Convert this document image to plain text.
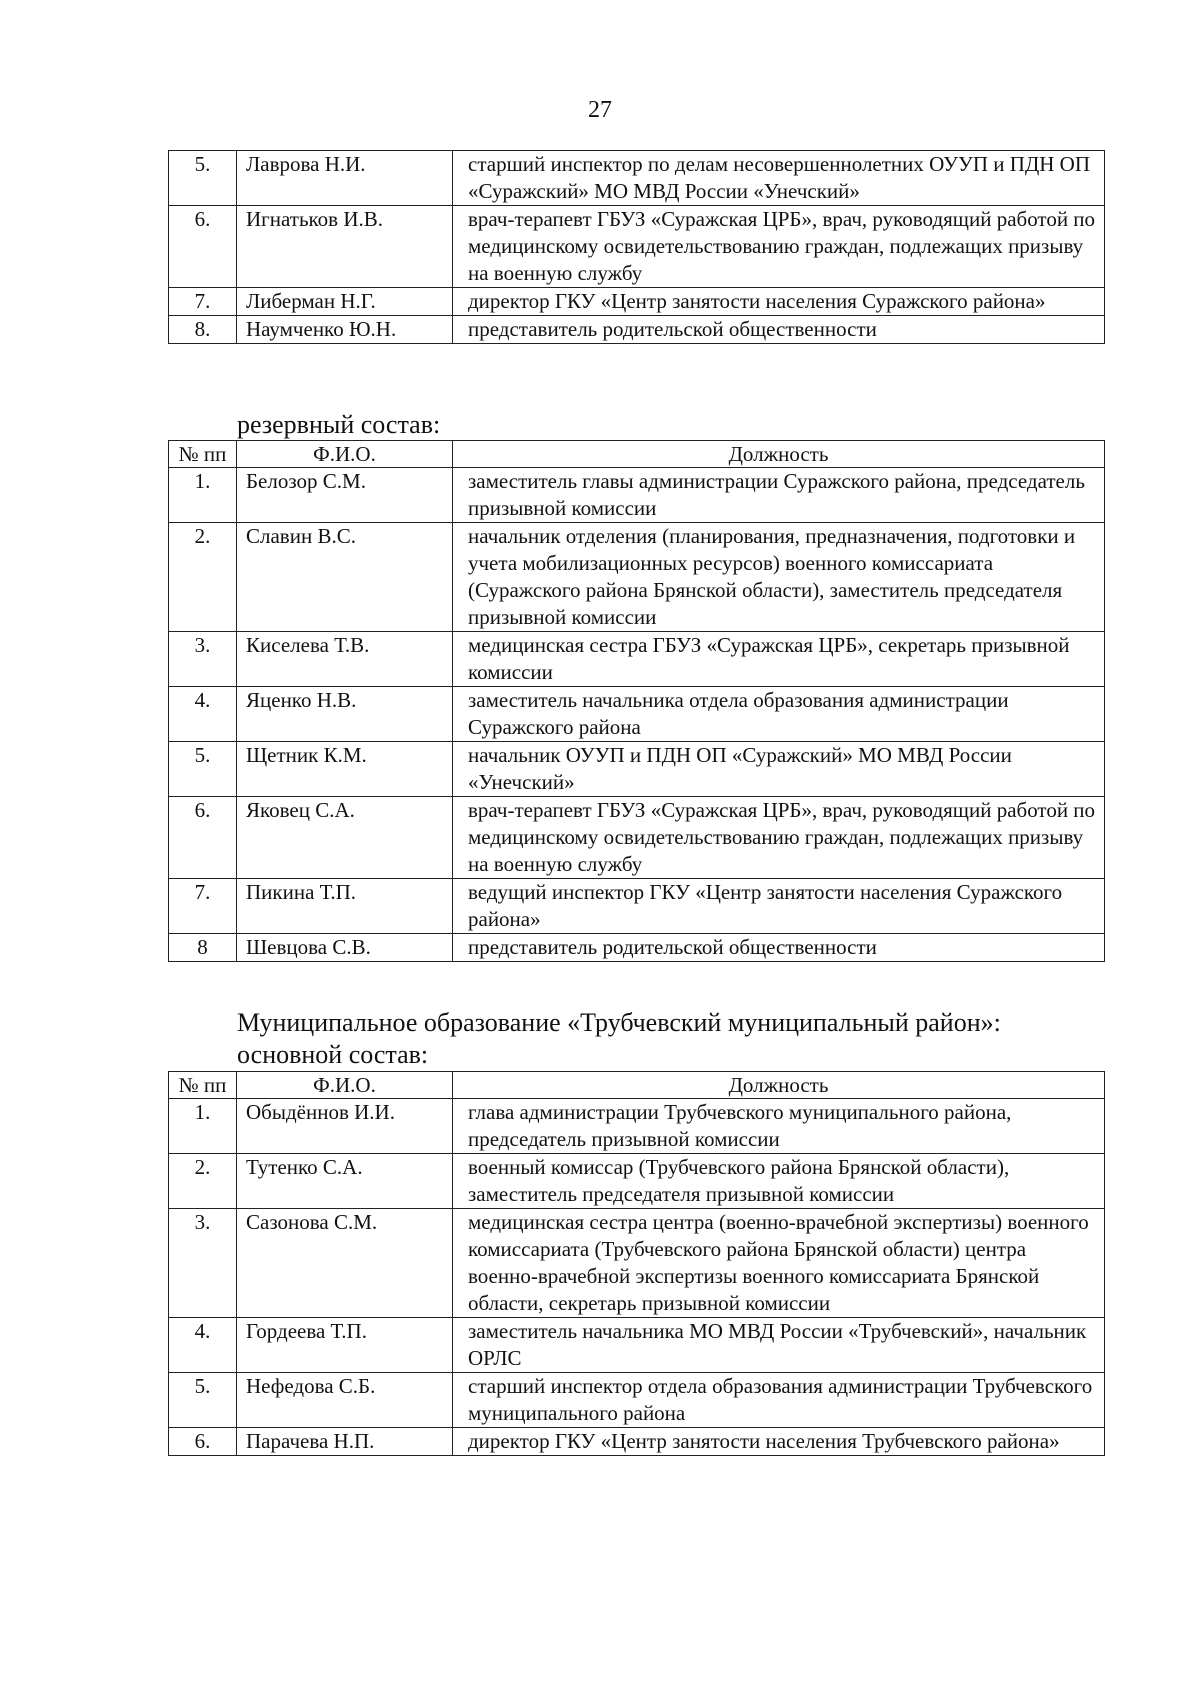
27
5.	Лаврова Н.И.	старший инспектор по делам несовершеннолетних ОУУП и ПДН ОП «Суражский» МО МВД России «Унечский»
6.	Игнатьков И.В.	врач-терапевт ГБУЗ «Суражская ЦРБ», врач, руководящий работой по медицинскому освидетельствованию граждан, подлежащих призыву на военную службу
7.	Либерман Н.Г.	директор ГКУ «Центр занятости населения Суражского района»
8.	Наумченко Ю.Н.	представитель родительской общественности
резервный состав:
№ пп	Ф.И.О.	Должность
1.	Белозор С.М.	заместитель главы администрации Суражского района, председатель призывной комиссии
2.	Славин В.С.	начальник отделения (планирования, предназначения, подготовки и учета мобилизационных ресурсов) военного комиссариата (Суражского района Брянской области), заместитель председателя призывной комиссии
3.	Киселева Т.В.	медицинская сестра ГБУЗ «Суражская ЦРБ», секретарь призывной комиссии
4.	Яценко Н.В.	заместитель начальника отдела образования администрации Суражского района
5.	Щетник К.М.	начальник ОУУП и ПДН ОП «Суражский» МО МВД России «Унечский»
6.	Яковец С.А.	врач-терапевт ГБУЗ «Суражская ЦРБ», врач, руководящий работой по медицинскому освидетельствованию граждан, подлежащих призыву на военную службу
7.	Пикина Т.П.	ведущий инспектор ГКУ «Центр занятости населения Суражского района»
8	Шевцова С.В.	представитель родительской общественности
Муниципальное образование «Трубчевский муниципальный район»:
основной состав:
№ пп	Ф.И.О.	Должность
1.	Обыдённов И.И.	глава администрации Трубчевского муниципального района, председатель призывной комиссии
2.	Тутенко С.А.	военный комиссар (Трубчевского района Брянской области), заместитель председателя призывной комиссии
3.	Сазонова С.М.	медицинская сестра центра (военно-врачебной экспертизы) военного комиссариата (Трубчевского района Брянской области) центра военно-врачебной экспертизы военного комиссариата Брянской области, секретарь призывной комиссии
4.	Гордеева Т.П.	заместитель начальника МО МВД России «Трубчевский», начальник ОРЛС
5.	Нефедова С.Б.	старший инспектор отдела образования администрации Трубчевского муниципального района
6.	Парачева Н.П.	директор ГКУ «Центр занятости населения Трубчевского района»
